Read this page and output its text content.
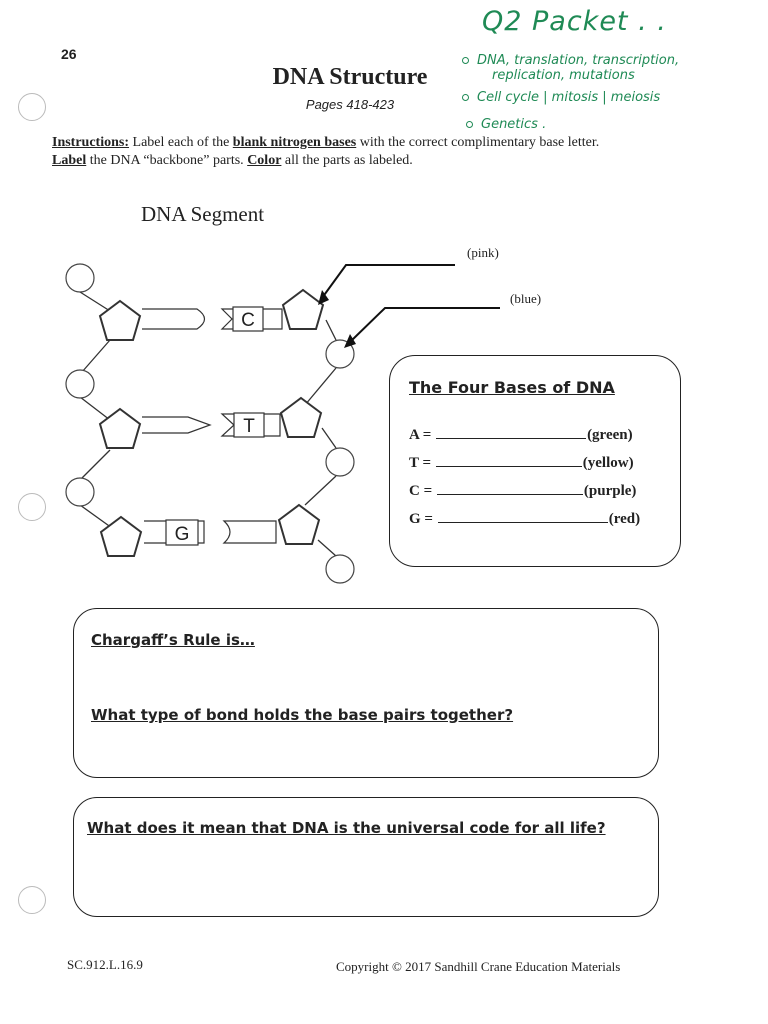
26
DNA Structure
Pages 418-423
Q2 Packet . .
DNA, translation, transcription,
replication, mutations
Cell cycle | mitosis | meiosis
Genetics .
Instructions: Label each of the blank nitrogen bases with the correct complimentary base letter.
Label the DNA “backbone” parts. Color all the parts as labeled.
DNA Segment
C
T
G
(pink)
(blue)
The Four Bases of DNA
A =	(green)
T =	(yellow)
C =	(purple)
G =	(red)
Chargaff’s Rule is…
What type of bond holds the base pairs together?
What does it mean that DNA is the universal code for all life?
SC.912.L.16.9	Copyright © 2017 Sandhill Crane Education Materials
